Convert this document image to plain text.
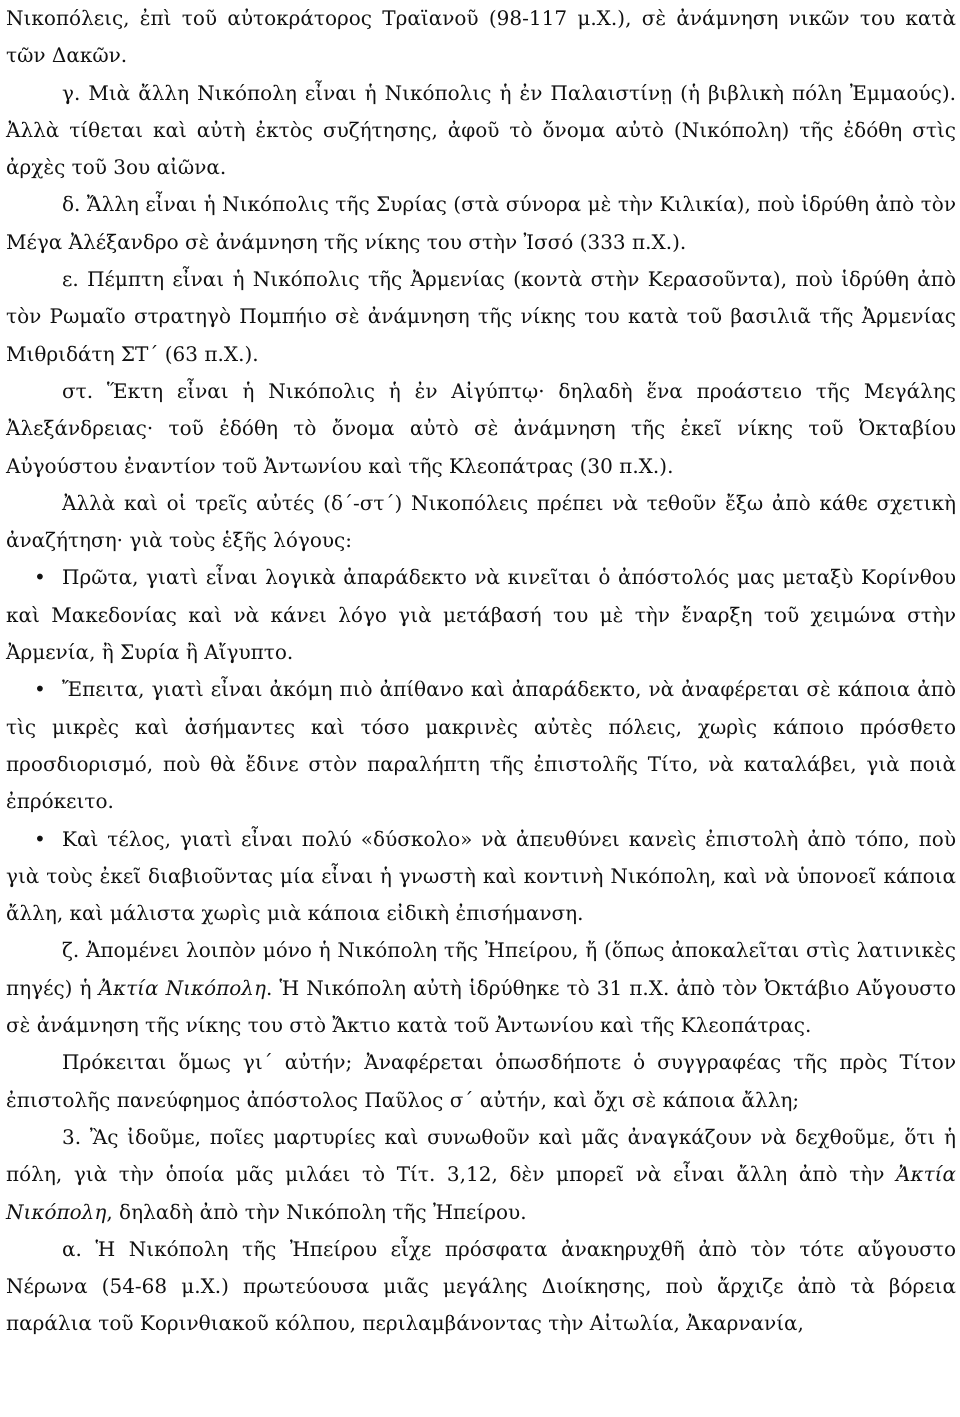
Νικοπόλεις, ἐπὶ τοῦ αὐτοκράτορος Τραϊανοῦ (98-117 μ.Χ.), σὲ ἀνάμνηση νικῶν του κατὰ τῶν Δακῶν.

γ. Μιὰ ἄλλη Νικόπολη εἶναι ἡ Νικόπολις ἡ ἐν Παλαιστίνῃ (ἡ βιβλικὴ πόλη Ἐμμαούς). Ἀλλὰ τίθεται καὶ αὐτὴ ἐκτὸς συζήτησης, ἀφοῦ τὸ ὄνομα αὐτὸ (Νικόπολη) τῆς ἐδόθη στὶς ἀρχὲς τοῦ 3ου αἰῶνα.

δ. Ἄλλη εἶναι ἡ Νικόπολις τῆς Συρίας (στὰ σύνορα μὲ τὴν Κιλικία), ποὺ ἱδρύθη ἀπὸ τὸν Μέγα Ἀλέξανδρο σὲ ἀνάμνηση τῆς νίκης του στὴν Ἰσσό (333 π.Χ.).

ε. Πέμπτη εἶναι ἡ Νικόπολις τῆς Ἀρμενίας (κοντὰ στὴν Κερασοῦντα), ποὺ ἱδρύθη ἀπὸ τὸν Ρωμαῖο στρατηγὸ Πομπήιο σὲ ἀνάμνηση τῆς νίκης του κατὰ τοῦ βασιλιᾶ τῆς Ἀρμενίας Μιθριδάτη ΣΤ΄ (63 π.Χ.).

στ. Ἕκτη εἶναι ἡ Νικόπολις ἡ ἐν Αἰγύπτῳ· δηλαδὴ ἕνα προάστειο τῆς Μεγάλης Ἀλεξάνδρειας· τοῦ ἐδόθη τὸ ὄνομα αὐτὸ σὲ ἀνάμνηση τῆς ἐκεῖ νίκης τοῦ Ὀκταβίου Αὐγούστου ἐναντίον τοῦ Ἀντωνίου καὶ τῆς Κλεοπάτρας (30 π.Χ.).

Ἀλλὰ καὶ οἱ τρεῖς αὐτές (δ΄-στ΄) Νικοπόλεις πρέπει νὰ τεθοῦν ἔξω ἀπὸ κάθε σχετικὴ ἀναζήτηση· γιὰ τοὺς ἑξῆς λόγους:

• Πρῶτα, γιατὶ εἶναι λογικὰ ἀπαράδεκτο νὰ κινεῖται ὁ ἀπόστολός μας μεταξὺ Κορίνθου καὶ Μακεδονίας καὶ νὰ κάνει λόγο γιὰ μετάβασή του μὲ τὴν ἔναρξη τοῦ χειμώνα στὴν Ἀρμενία, ἢ Συρία ἢ Αἴγυπτο.
• Ἔπειτα, γιατὶ εἶναι ἀκόμη πιὸ ἀπίθανο καὶ ἀπαράδεκτο, νὰ ἀναφέρεται σὲ κάποια ἀπὸ τὶς μικρὲς καὶ ἀσήμαντες καὶ τόσο μακρινὲς αὐτὲς πόλεις, χωρὶς κάποιο πρόσθετο προσδιορισμό, ποὺ θὰ ἔδινε στὸν παραλήπτη τῆς ἐπιστολῆς Τίτο, νὰ καταλάβει, γιὰ ποιὰ ἐπρόκειτο.
• Καὶ τέλος, γιατὶ εἶναι πολύ «δύσκολο» νὰ ἀπευθύνει κανεὶς ἐπιστολὴ ἀπὸ τόπο, ποὺ γιὰ τοὺς ἐκεῖ διαβιοῦντας μία εἶναι ἡ γνωστὴ καὶ κοντινὴ Νικόπολη, καὶ νὰ ὑπονοεῖ κάποια ἄλλη, καὶ μάλιστα χωρὶς μιὰ κάποια εἰδικὴ ἐπισήμανση.

ζ. Ἀπομένει λοιπὸν μόνο ἡ Νικόπολη τῆς Ἠπείρου, ἤ (ὅπως ἀποκαλεῖται στὶς λατινικὲς πηγές) ἡ Ἀκτία Νικόπολη. Ἡ Νικόπολη αὐτὴ ἱδρύθηκε τὸ 31 π.Χ. ἀπὸ τὸν Ὀκτάβιο Αὔγουστο σὲ ἀνάμνηση τῆς νίκης του στὸ Ἄκτιο κατὰ τοῦ Ἀντωνίου καὶ τῆς Κλεοπάτρας.

Πρόκειται ὅμως γι΄ αὐτήν; Ἀναφέρεται ὁπωσδήποτε ὁ συγγραφέας τῆς πρὸς Τίτον ἐπιστολῆς πανεύφημος ἀπόστολος Παῦλος σ΄ αὐτήν, καὶ ὄχι σὲ κάποια ἄλλη;

3. Ἂς ἰδοῦμε, ποῖες μαρτυρίες καὶ συνωθοῦν καὶ μᾶς ἀναγκάζουν νὰ δεχθοῦμε, ὅτι ἡ πόλη, γιὰ τὴν ὁποία μᾶς μιλάει τὸ Τίτ. 3,12, δὲν μπορεῖ νὰ εἶναι ἄλλη ἀπὸ τὴν Ἀκτία Νικόπολη, δηλαδὴ ἀπὸ τὴν Νικόπολη τῆς Ἠπείρου.

α. Ἡ Νικόπολη τῆς Ἠπείρου εἶχε πρόσφατα ἀνακηρυχθῆ ἀπὸ τὸν τότε αὔγουστο Νέρωνα (54-68 μ.Χ.) πρωτεύουσα μιᾶς μεγάλης Διοίκησης, ποὺ ἄρχιζε ἀπὸ τὰ βόρεια παράλια τοῦ Κορινθιακοῦ κόλπου, περιλαμβάνοντας τὴν Αἰτωλία, Ἀκαρνανία,
